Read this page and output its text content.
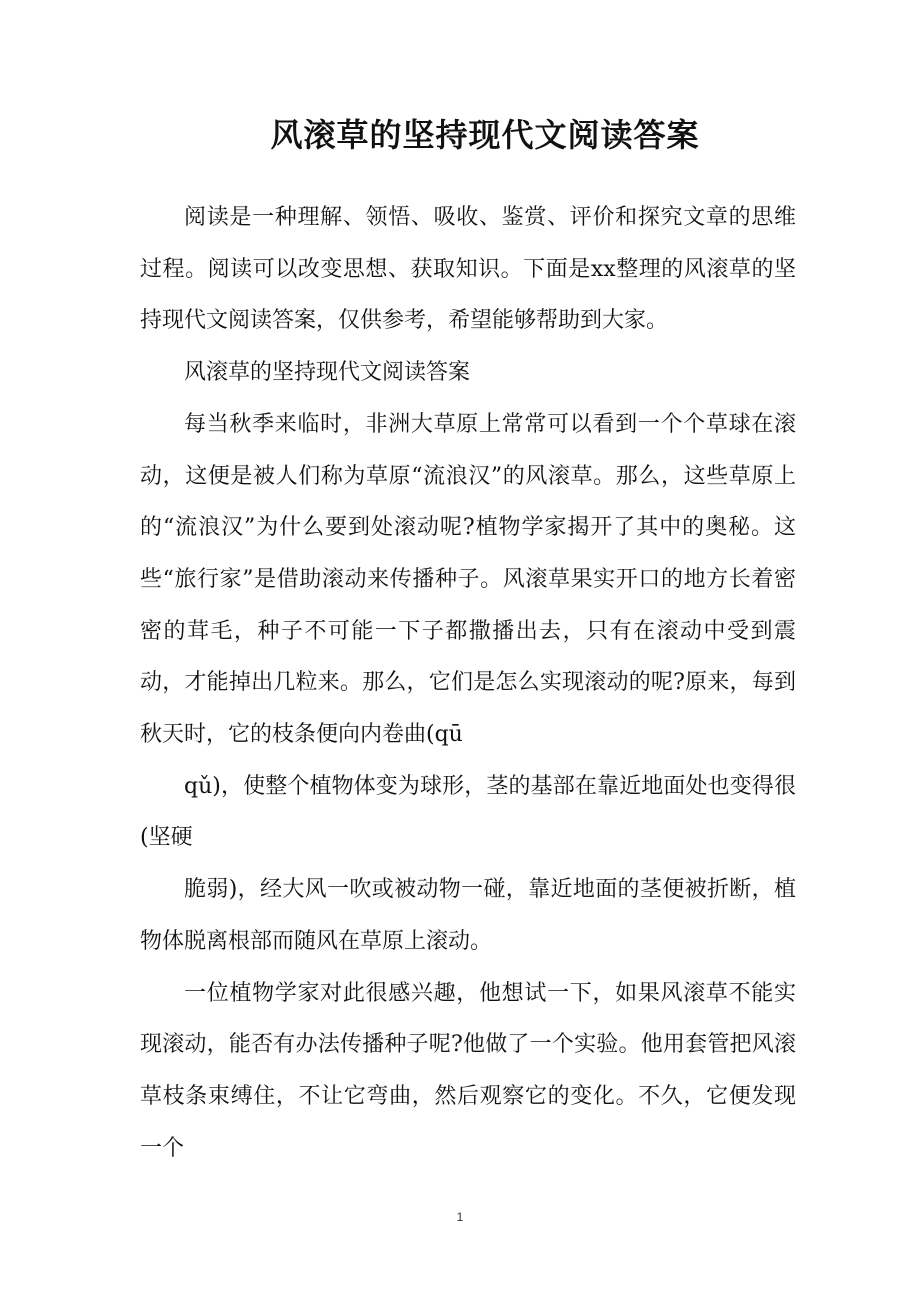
风滚草的坚持现代文阅读答案

阅读是一种理解、领悟、吸收、鉴赏、评价和探究文章的思维过程。阅读可以改变思想、获取知识。下面是xx整理的风滚草的坚持现代文阅读答案，仅供参考，希望能够帮助到大家。

风滚草的坚持现代文阅读答案

每当秋季来临时，非洲大草原上常常可以看到一个个草球在滚动，这便是被人们称为草原“流浪汉”的风滚草。那么，这些草原上的“流浪汉”为什么要到处滚动呢?植物学家揭开了其中的奥秘。这些“旅行家”是借助滚动来传播种子。风滚草果实开口的地方长着密密的茸毛，种子不可能一下子都撒播出去，只有在滚动中受到震动，才能掉出几粒来。那么，它们是怎么实现滚动的呢?原来，每到秋天时，它的枝条便向内卷曲(qū

qǔ)，使整个植物体变为球形，茎的基部在靠近地面处也变得很(坚硬

脆弱)，经大风一吹或被动物一碰，靠近地面的茎便被折断，植物体脱离根部而随风在草原上滚动。

一位植物学家对此很感兴趣，他想试一下，如果风滚草不能实现滚动，能否有办法传播种子呢?他做了一个实验。他用套管把风滚草枝条束缚住，不让它弯曲，然后观察它的变化。不久，它便发现一个

1
